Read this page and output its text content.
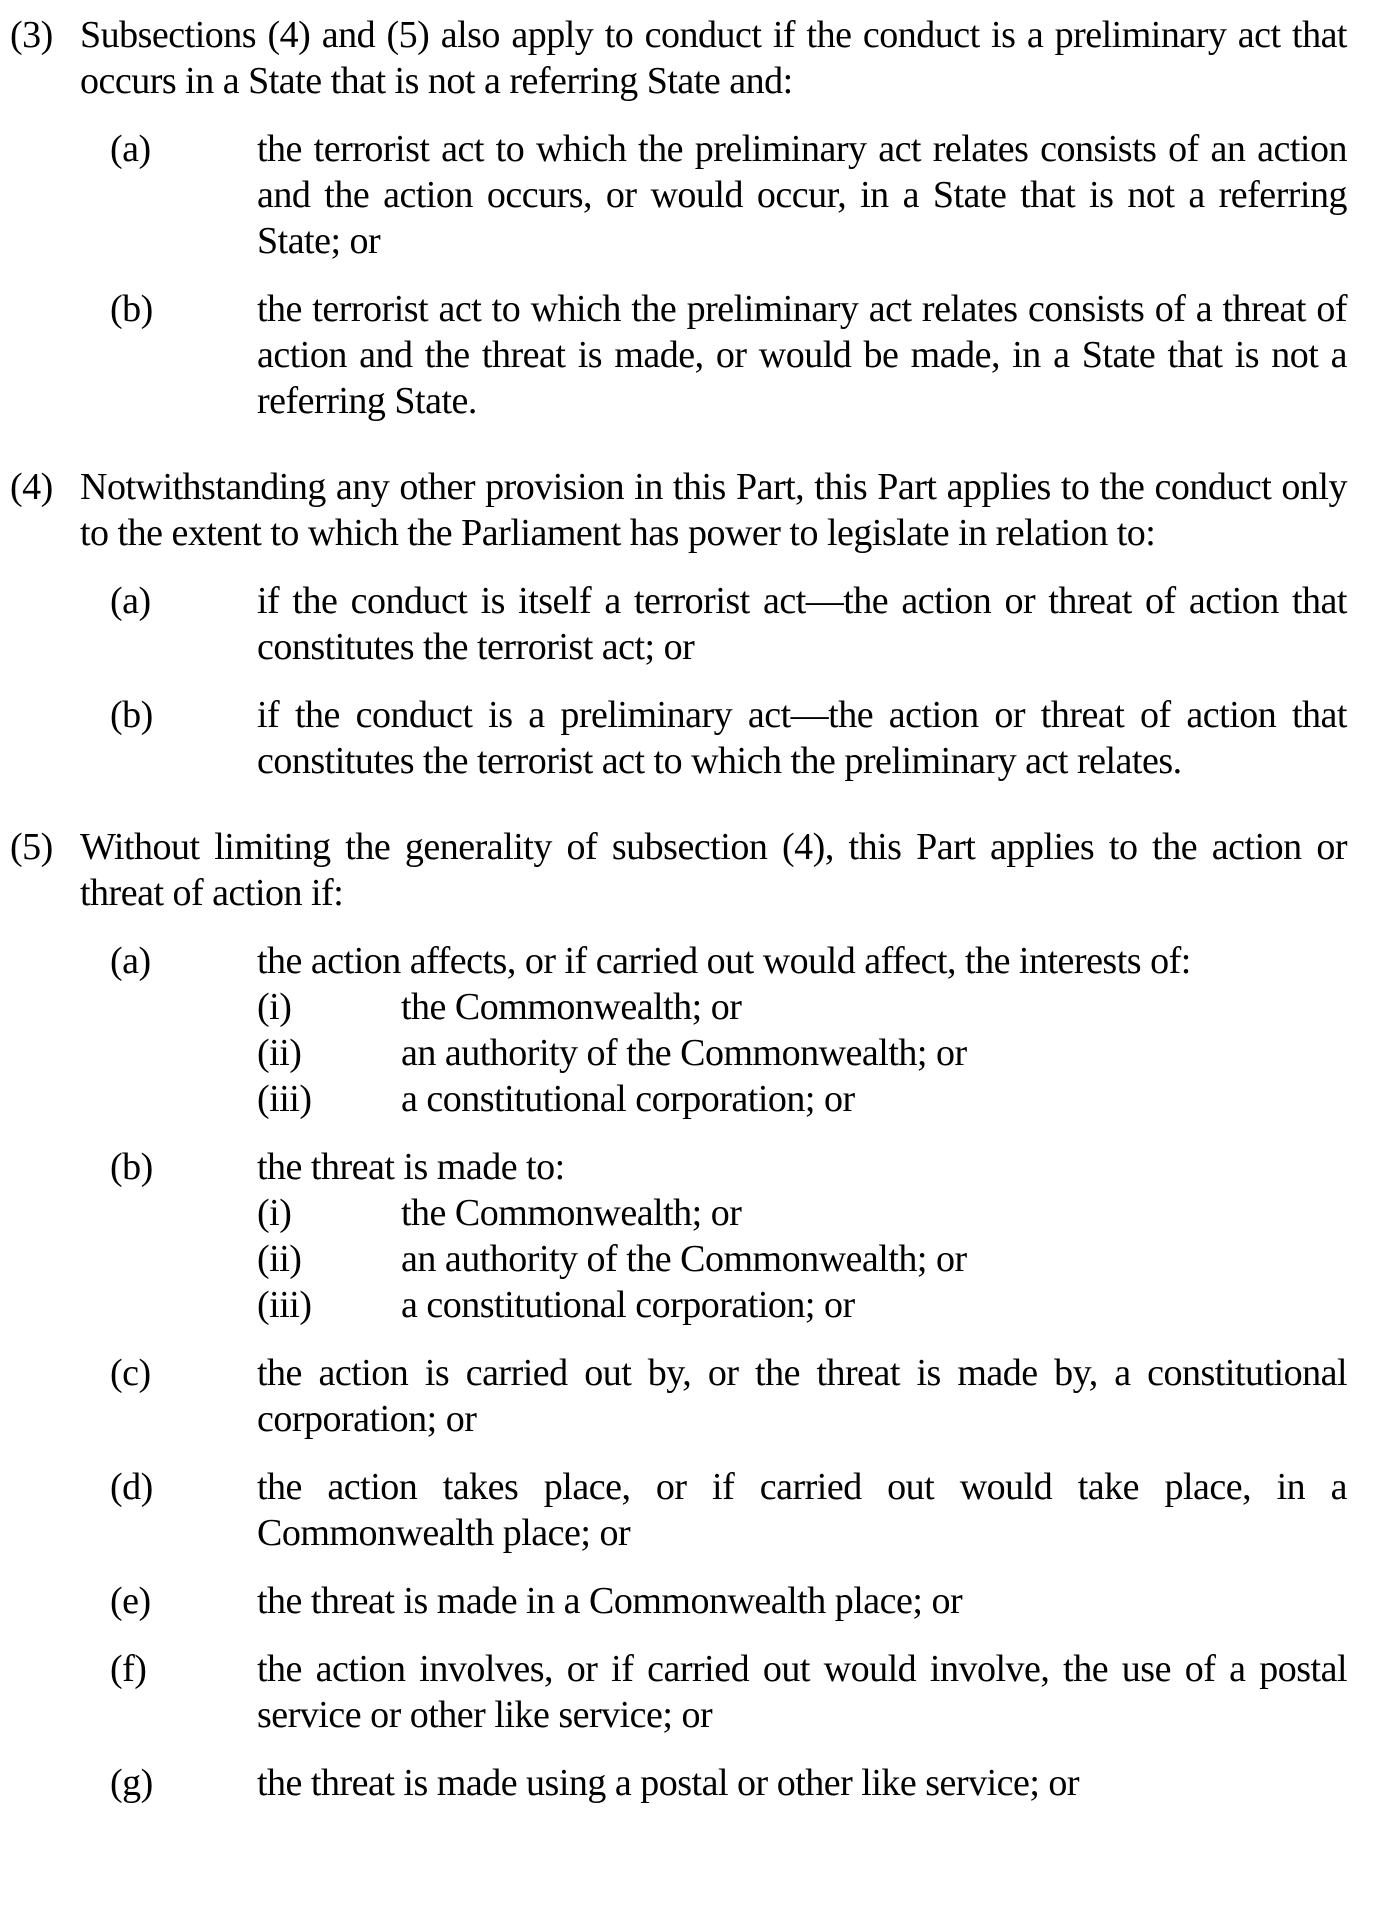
(3) Subsections (4) and (5) also apply to conduct if the conduct is a preliminary act that occurs in a State that is not a referring State and:

(a)	the terrorist act to which the preliminary act relates consists of an action and the action occurs, or would occur, in a State that is not a referring State; or

(b)	the terrorist act to which the preliminary act relates consists of a threat of action and the threat is made, or would be made, in a State that is not a referring State.

(4) Notwithstanding any other provision in this Part, this Part applies to the conduct only to the extent to which the Parliament has power to legislate in relation to:

(a)	if the conduct is itself a terrorist act—the action or threat of action that constitutes the terrorist act; or

(b)	if the conduct is a preliminary act—the action or threat of action that constitutes the terrorist act to which the preliminary act relates.

(5) Without limiting the generality of subsection (4), this Part applies to the action or threat of action if:

(a)	the action affects, or if carried out would affect, the interests of:

(i)	the Commonwealth; or
(ii)	an authority of the Commonwealth; or
(iii)	a constitutional corporation; or
(b)	the threat is made to:

(i)	the Commonwealth; or
(ii)	an authority of the Commonwealth; or
(iii)	a constitutional corporation; or
(c)	the action is carried out by, or the threat is made by, a constitutional corporation; or

(d)	the action takes place, or if carried out would take place, in a Commonwealth place; or

(e)	the threat is made in a Commonwealth place; or

(f)	the action involves, or if carried out would involve, the use of a postal service or other like service; or

(g)	the threat is made using a postal or other like service; or
